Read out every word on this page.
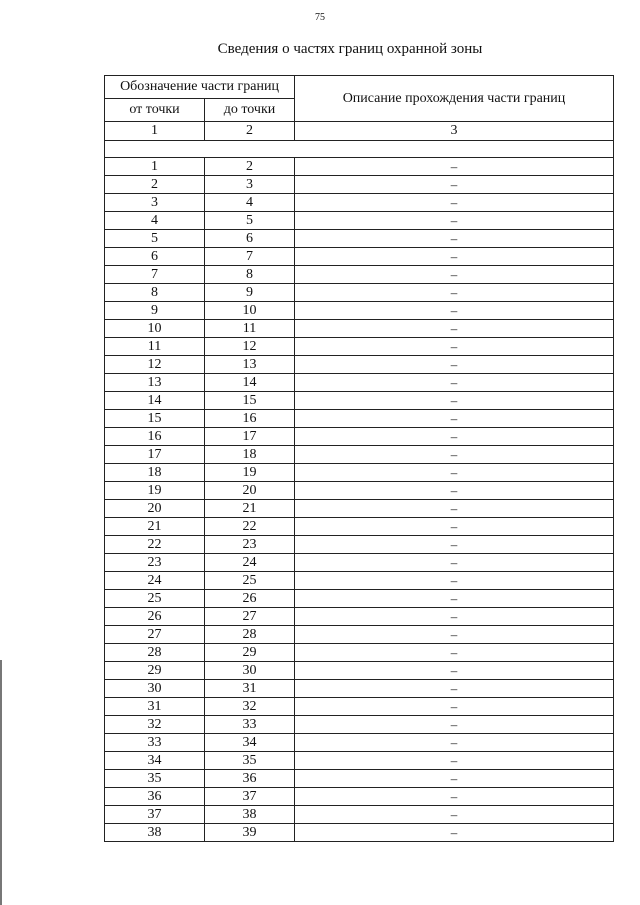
75
Сведения о частях границ охранной зоны
Обозначение части границ		Описание прохождения части границ
от точки	до точки	
1	2	3

1	2	–
2	3	–
3	4	–
4	5	–
5	6	–
6	7	–
7	8	–
8	9	–
9	10	–
10	11	–
11	12	–
12	13	–
13	14	–
14	15	–
15	16	–
16	17	–
17	18	–
18	19	–
19	20	–
20	21	–
21	22	–
22	23	–
23	24	–
24	25	–
25	26	–
26	27	–
27	28	–
28	29	–
29	30	–
30	31	–
31	32	–
32	33	–
33	34	–
34	35	–
35	36	–
36	37	–
37	38	–
38	39	–
